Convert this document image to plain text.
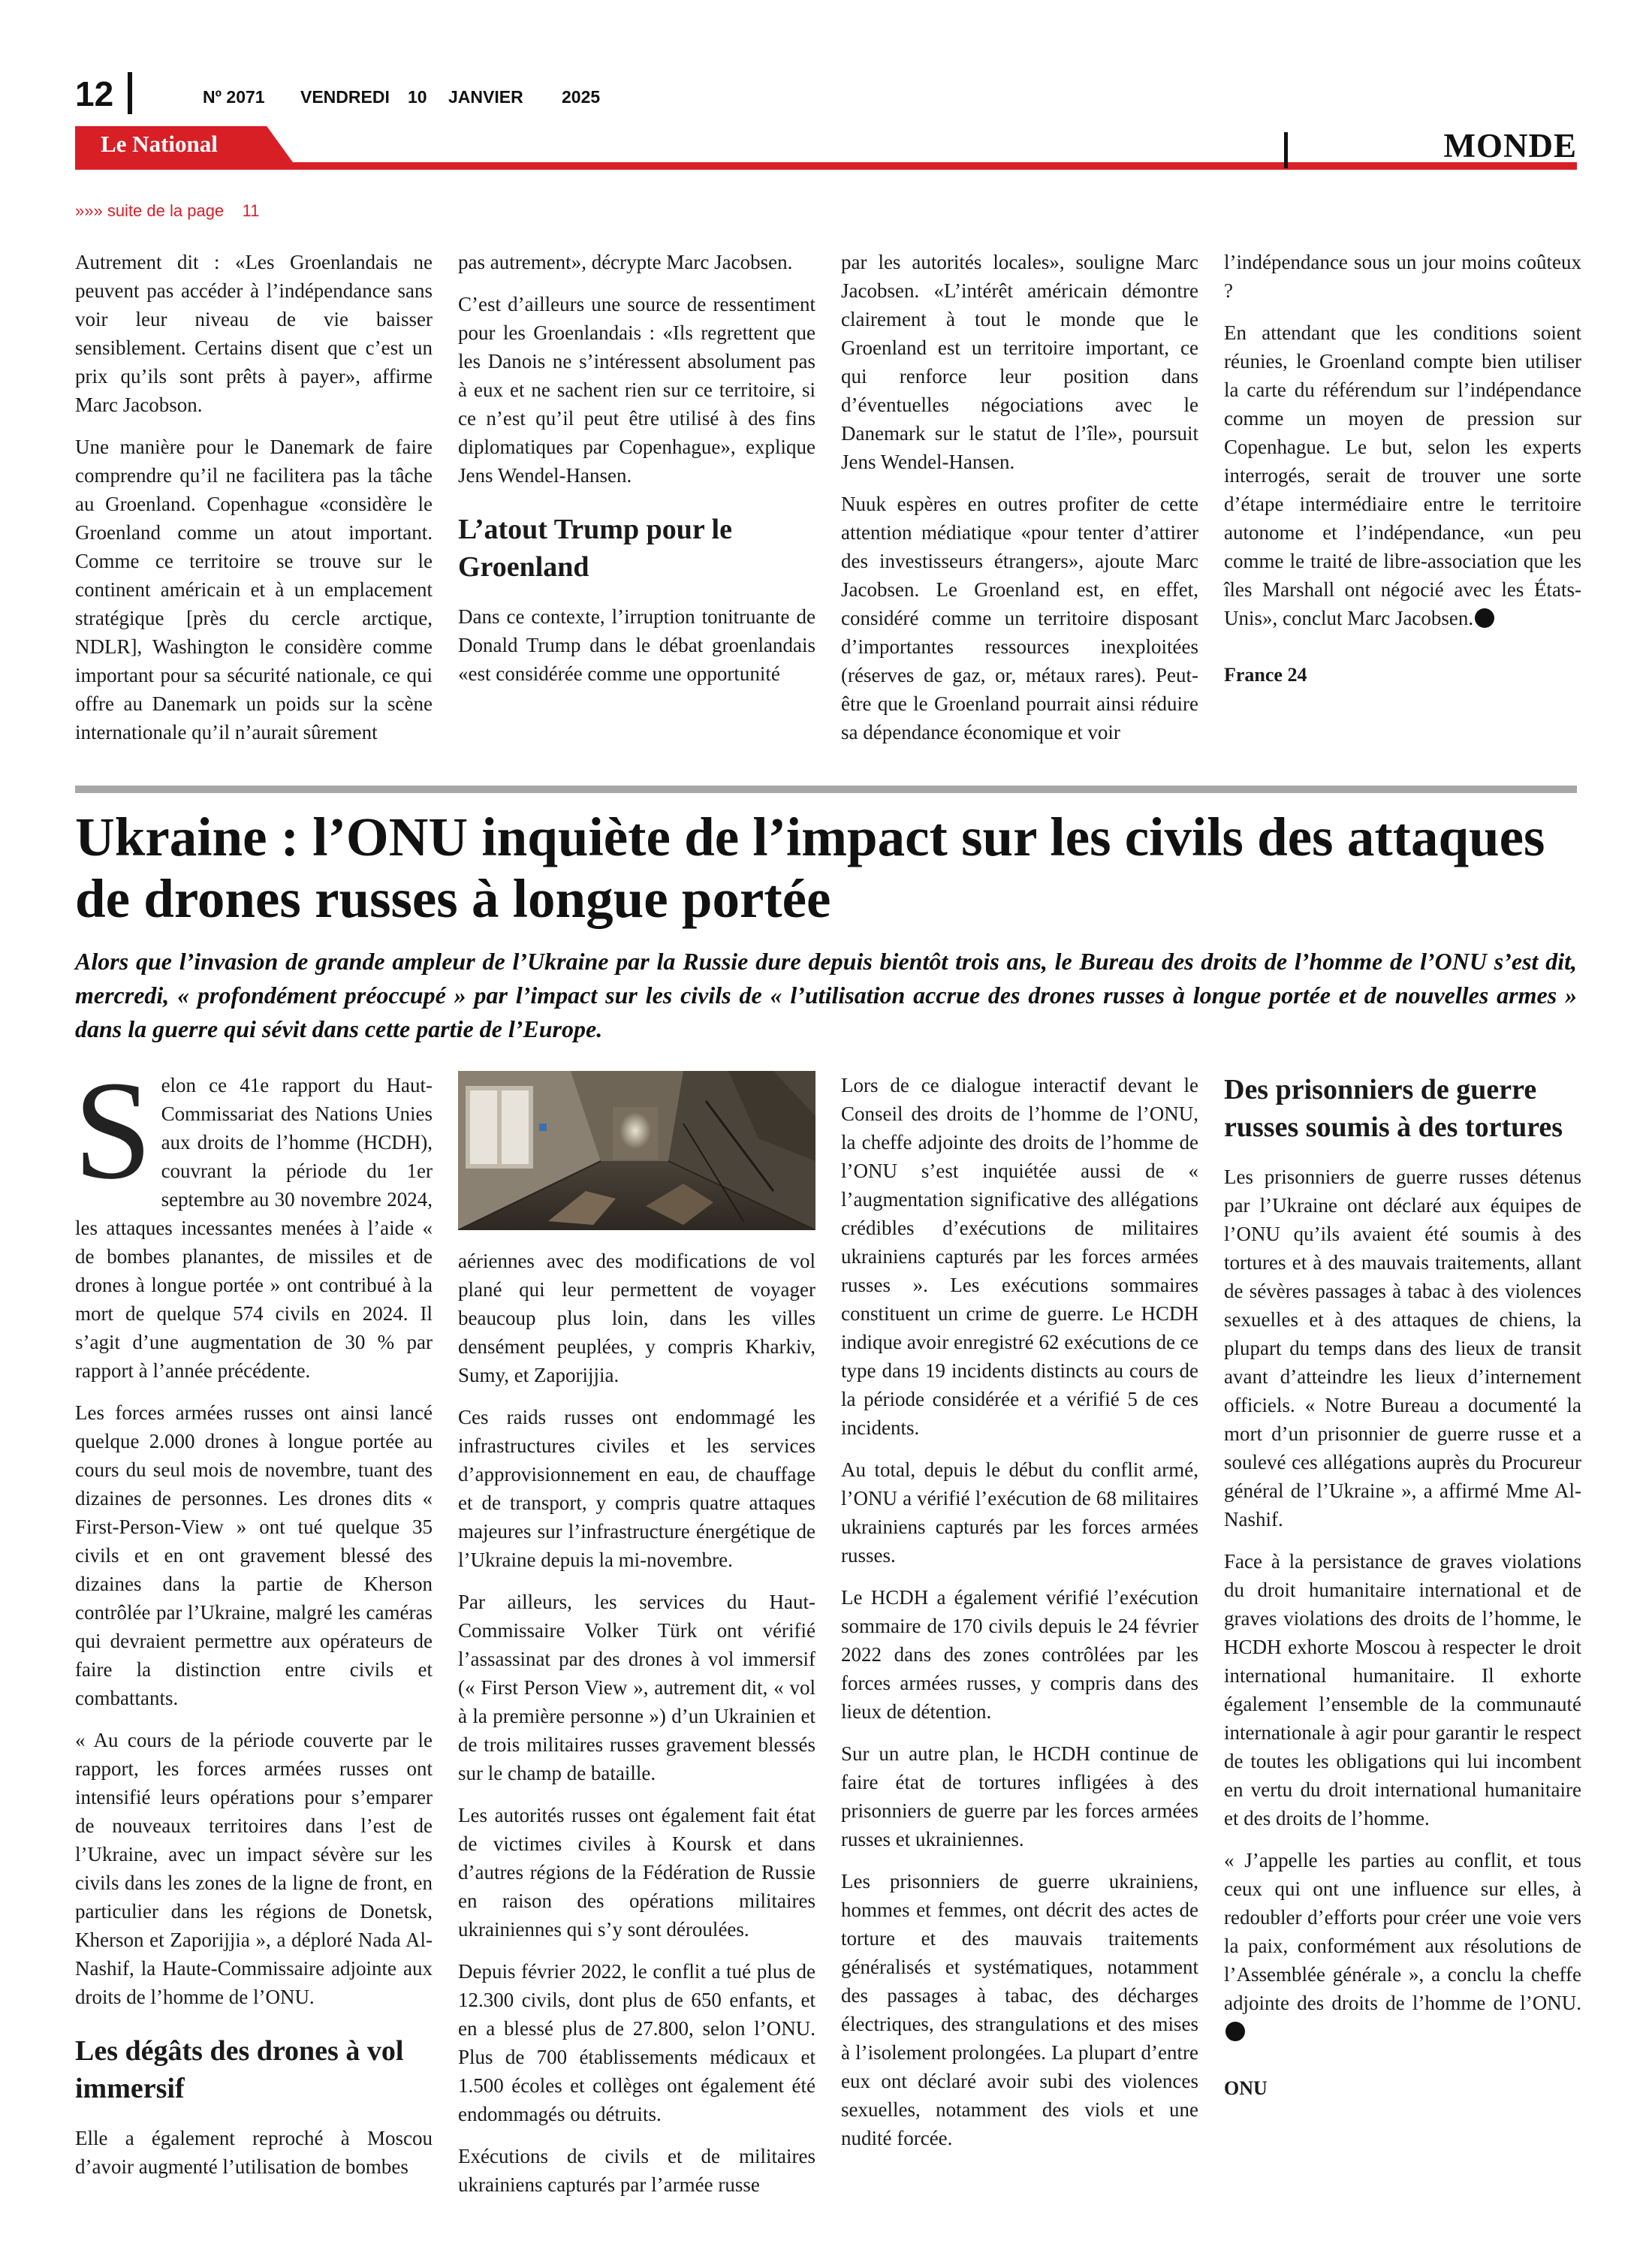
12	Nº 2071 VENDREDI 10 JANVIER 2025
Le National	MONDE
»»» suite de la page    11

Autrement dit : «Les Groenlandais ne peuvent pas accéder à l’indépendance sans voir leur niveau de vie baisser sensiblement. Certains disent que c’est un prix qu’ils sont prêts à payer», affirme Marc Jacobson.

Une manière pour le Danemark de faire comprendre qu’il ne facilitera pas la tâche au Groenland. Copenhague «considère le Groenland comme un atout important. Comme ce territoire se trouve sur le continent américain et à un emplacement stratégique [près du cercle arctique, NDLR], Washington le considère comme important pour sa sécurité nationale, ce qui offre au Danemark un poids sur la scène internationale qu’il n’aurait sûrement

pas autrement», décrypte Marc Jacobsen.

C’est d’ailleurs une source de ressentiment pour les Groenlandais : «Ils regrettent que les Danois ne s’intéressent absolument pas à eux et ne sachent rien sur ce territoire, si ce n’est qu’il peut être utilisé à des fins diplomatiques par Copenhague», explique Jens Wendel-Hansen.

L’atout Trump pour le Groenland

Dans ce contexte, l’irruption tonitruante de Donald Trump dans le débat groenlandais «est considérée comme une opportunité

par les autorités locales», souligne Marc Jacobsen. «L’intérêt américain démontre clairement à tout le monde que le Groenland est un territoire important, ce qui renforce leur position dans d’éventuelles négociations avec le Danemark sur le statut de l’île», poursuit Jens Wendel-Hansen.

Nuuk espères en outres profiter de cette attention médiatique «pour tenter d’attirer des investisseurs étrangers», ajoute Marc Jacobsen. Le Groenland est, en effet, considéré comme un territoire disposant d’importantes ressources inexploitées (réserves de gaz, or, métaux rares). Peut-être que le Groenland pourrait ainsi réduire sa dépendance économique et voir

l’indépendance sous un jour moins coûteux ?

En attendant que les conditions soient réunies, le Groenland compte bien utiliser la carte du référendum sur l’indépendance comme un moyen de pression sur Copenhague. Le but, selon les experts interrogés, serait de trouver une sorte d’étape intermédiaire entre le territoire autonome et l’indépendance, «un peu comme le traité de libre-association que les îles Marshall ont négocié avec les États-Unis», conclut Marc Jacobsen.

France 24
Ukraine : l’ONU inquiète de l’impact sur les civils des attaques de drones russes à longue portée
Alors que l’invasion de grande ampleur de l’Ukraine par la Russie dure depuis bientôt trois ans, le Bureau des droits de l’homme de l’ONU s’est dit, mercredi, « profondément préoccupé » par l’impact sur les civils de « l’utilisation accrue des drones russes à longue portée et de nouvelles armes » dans la guerre qui sévit dans cette partie de l’Europe.

Selon ce 41e rapport du Haut-Commissariat des Nations Unies aux droits de l’homme (HCDH), couvrant la période du 1er septembre au 30 novembre 2024, les attaques incessantes menées à l’aide « de bombes planantes, de missiles et de drones à longue portée » ont contribué à la mort de quelque 574 civils en 2024. Il s’agit d’une augmentation de 30 % par rapport à l’année précédente.

Les forces armées russes ont ainsi lancé quelque 2.000 drones à longue portée au cours du seul mois de novembre, tuant des dizaines de personnes. Les drones dits « First-Person-View » ont tué quelque 35 civils et en ont gravement blessé des dizaines dans la partie de Kherson contrôlée par l’Ukraine, malgré les caméras qui devraient permettre aux opérateurs de faire la distinction entre civils et combattants.

« Au cours de la période couverte par le rapport, les forces armées russes ont intensifié leurs opérations pour s’emparer de nouveaux territoires dans l’est de l’Ukraine, avec un impact sévère sur les civils dans les zones de la ligne de front, en particulier dans les régions de Donetsk, Kherson et Zaporijjia », a déploré Nada Al-Nashif, la Haute-Commissaire adjointe aux droits de l’homme de l’ONU.

Les dégâts des drones à vol immersif

Elle a également reproché à Moscou d’avoir augmenté l’utilisation de bombes

aériennes avec des modifications de vol plané qui leur permettent de voyager beaucoup plus loin, dans les villes densément peuplées, y compris Kharkiv, Sumy, et Zaporijjia.

Ces raids russes ont endommagé les infrastructures civiles et les services d’approvisionnement en eau, de chauffage et de transport, y compris quatre attaques majeures sur l’infrastructure énergétique de l’Ukraine depuis la mi-novembre.

Par ailleurs, les services du Haut-Commissaire Volker Türk ont vérifié l’assassinat par des drones à vol immersif (« First Person View », autrement dit, « vol à la première personne ») d’un Ukrainien et de trois militaires russes gravement blessés sur le champ de bataille.

Les autorités russes ont également fait état de victimes civiles à Koursk et dans d’autres régions de la Fédération de Russie en raison des opérations militaires ukrainiennes qui s’y sont déroulées.

Depuis février 2022, le conflit a tué plus de 12.300 civils, dont plus de 650 enfants, et en a blessé plus de 27.800, selon l’ONU. Plus de 700 établissements médicaux et 1.500 écoles et collèges ont également été endommagés ou détruits.

Exécutions de civils et de militaires ukrainiens capturés par l’armée russe

Lors de ce dialogue interactif devant le Conseil des droits de l’homme de l’ONU, la cheffe adjointe des droits de l’homme de l’ONU s’est inquiétée aussi de « l’augmentation significative des allégations crédibles d’exécutions de militaires ukrainiens capturés par les forces armées russes ». Les exécutions sommaires constituent un crime de guerre. Le HCDH indique avoir enregistré 62 exécutions de ce type dans 19 incidents distincts au cours de la période considérée et a vérifié 5 de ces incidents.

Au total, depuis le début du conflit armé, l’ONU a vérifié l’exécution de 68 militaires ukrainiens capturés par les forces armées russes.

Le HCDH a également vérifié l’exécution sommaire de 170 civils depuis le 24 février 2022 dans des zones contrôlées par les forces armées russes, y compris dans des lieux de détention.

Sur un autre plan, le HCDH continue de faire état de tortures infligées à des prisonniers de guerre par les forces armées russes et ukrainiennes.

Les prisonniers de guerre ukrainiens, hommes et femmes, ont décrit des actes de torture et des mauvais traitements généralisés et systématiques, notamment des passages à tabac, des décharges électriques, des strangulations et des mises à l’isolement prolongées. La plupart d’entre eux ont déclaré avoir subi des violences sexuelles, notamment des viols et une nudité forcée.

Des prisonniers de guerre russes soumis à des tortures

Les prisonniers de guerre russes détenus par l’Ukraine ont déclaré aux équipes de l’ONU qu’ils avaient été soumis à des tortures et à des mauvais traitements, allant de sévères passages à tabac à des violences sexuelles et à des attaques de chiens, la plupart du temps dans des lieux de transit avant d’atteindre les lieux d’internement officiels. « Notre Bureau a documenté la mort d’un prisonnier de guerre russe et a soulevé ces allégations auprès du Procureur général de l’Ukraine », a affirmé Mme Al-Nashif.

Face à la persistance de graves violations du droit humanitaire international et de graves violations des droits de l’homme, le HCDH exhorte Moscou à respecter le droit international humanitaire. Il exhorte également l’ensemble de la communauté internationale à agir pour garantir le respect de toutes les obligations qui lui incombent en vertu du droit international humanitaire et des droits de l’homme.

« J’appelle les parties au conflit, et tous ceux qui ont une influence sur elles, à redoubler d’efforts pour créer une voie vers la paix, conformément aux résolutions de l’Assemblée générale », a conclu la cheffe adjointe des droits de l’homme de l’ONU.

ONU
